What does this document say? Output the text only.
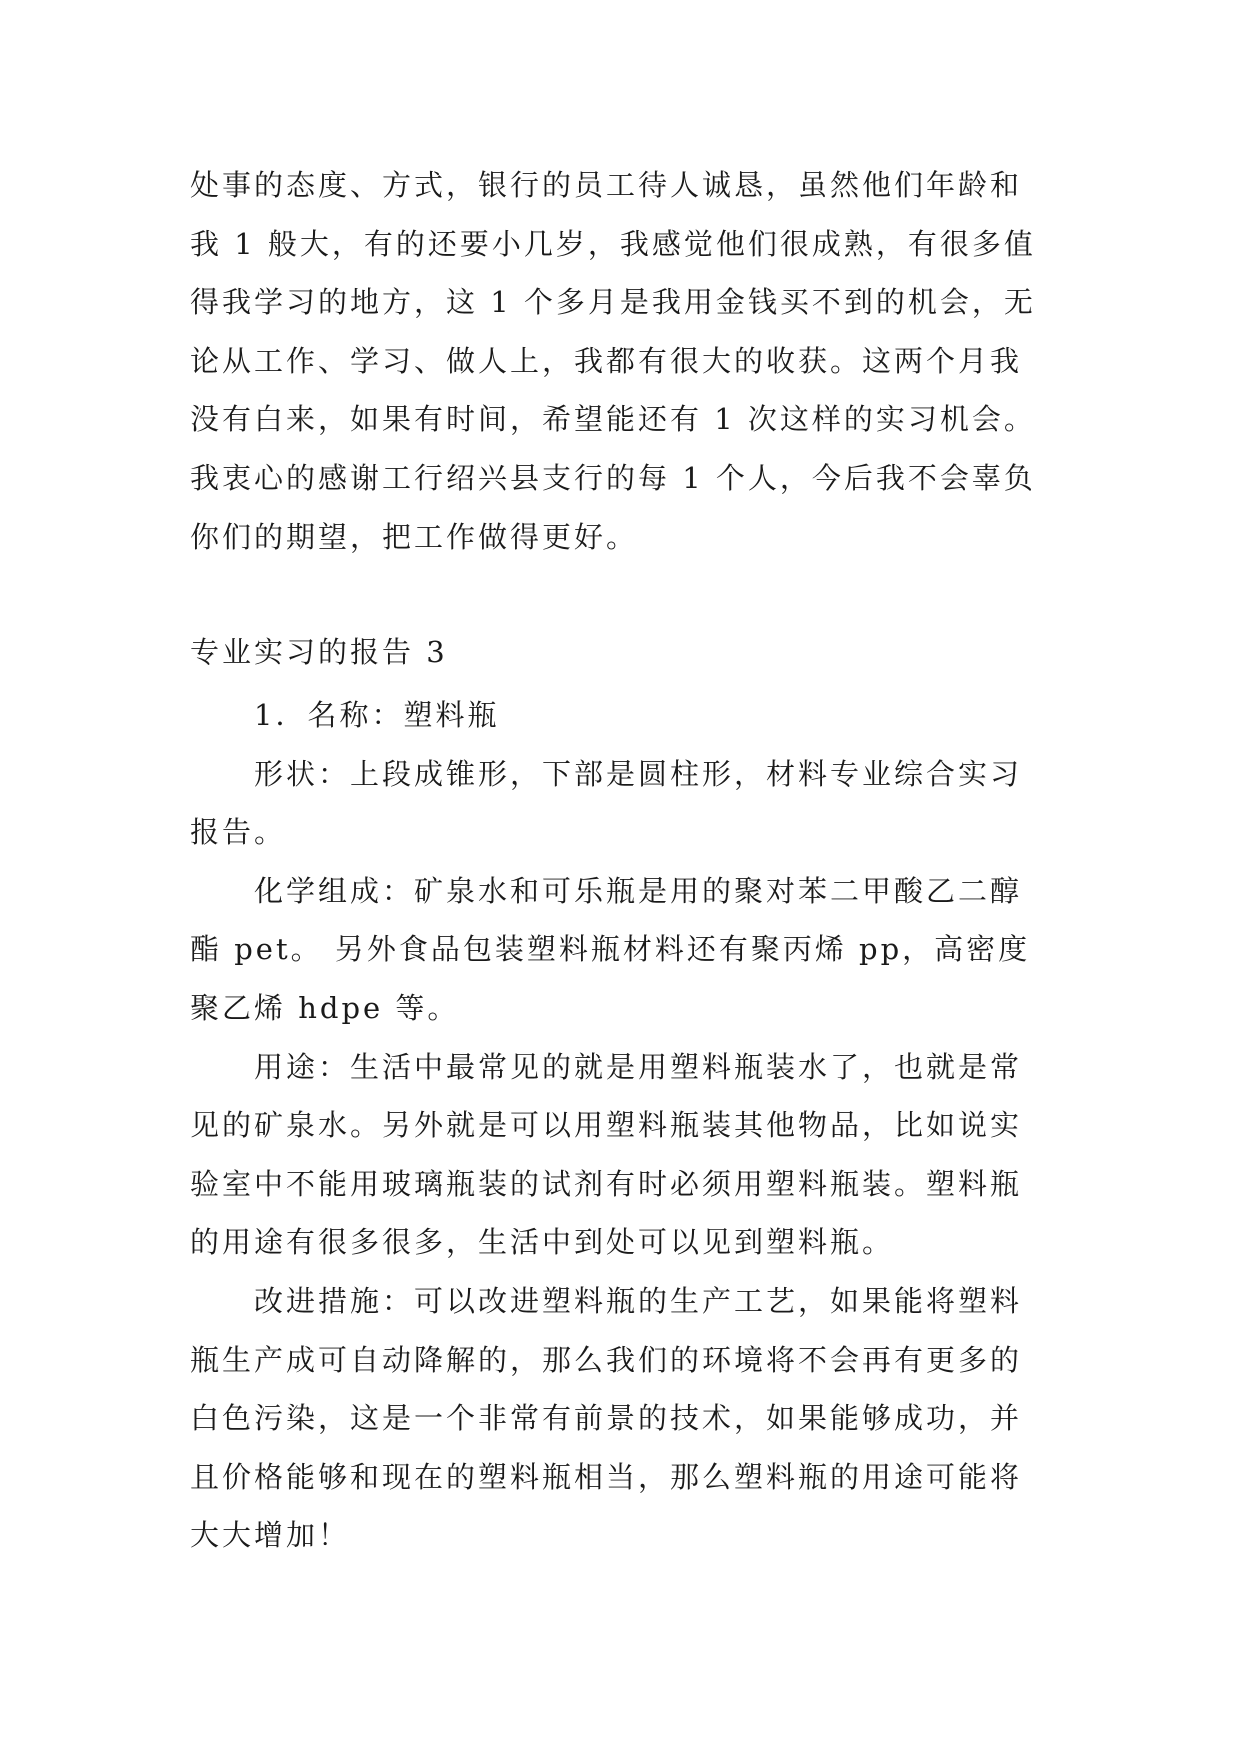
处事的态度、方式，银行的员工待人诚恳，虽然他们年龄和
我 1 般大，有的还要小几岁，我感觉他们很成熟，有很多值
得我学习的地方，这 1 个多月是我用金钱买不到的机会，无
论从工作、学习、做人上，我都有很大的收获。这两个月我
没有白来，如果有时间，希望能还有 1 次这样的实习机会。
我衷心的感谢工行绍兴县支行的每 1 个人，今后我不会辜负
你们的期望，把工作做得更好。
专业实习的报告 3
1．名称：塑料瓶
形状：上段成锥形，下部是圆柱形，材料专业综合实习
报告。
化学组成：矿泉水和可乐瓶是用的聚对苯二甲酸乙二醇
酯 pet。 另外食品包装塑料瓶材料还有聚丙烯 pp，高密度
聚乙烯 hdpe 等。
用途：生活中最常见的就是用塑料瓶装水了，也就是常
见的矿泉水。另外就是可以用塑料瓶装其他物品，比如说实
验室中不能用玻璃瓶装的试剂有时必须用塑料瓶装。塑料瓶
的用途有很多很多，生活中到处可以见到塑料瓶。
改进措施：可以改进塑料瓶的生产工艺，如果能将塑料
瓶生产成可自动降解的，那么我们的环境将不会再有更多的
白色污染，这是一个非常有前景的技术，如果能够成功，并
且价格能够和现在的塑料瓶相当，那么塑料瓶的用途可能将
大大增加！
